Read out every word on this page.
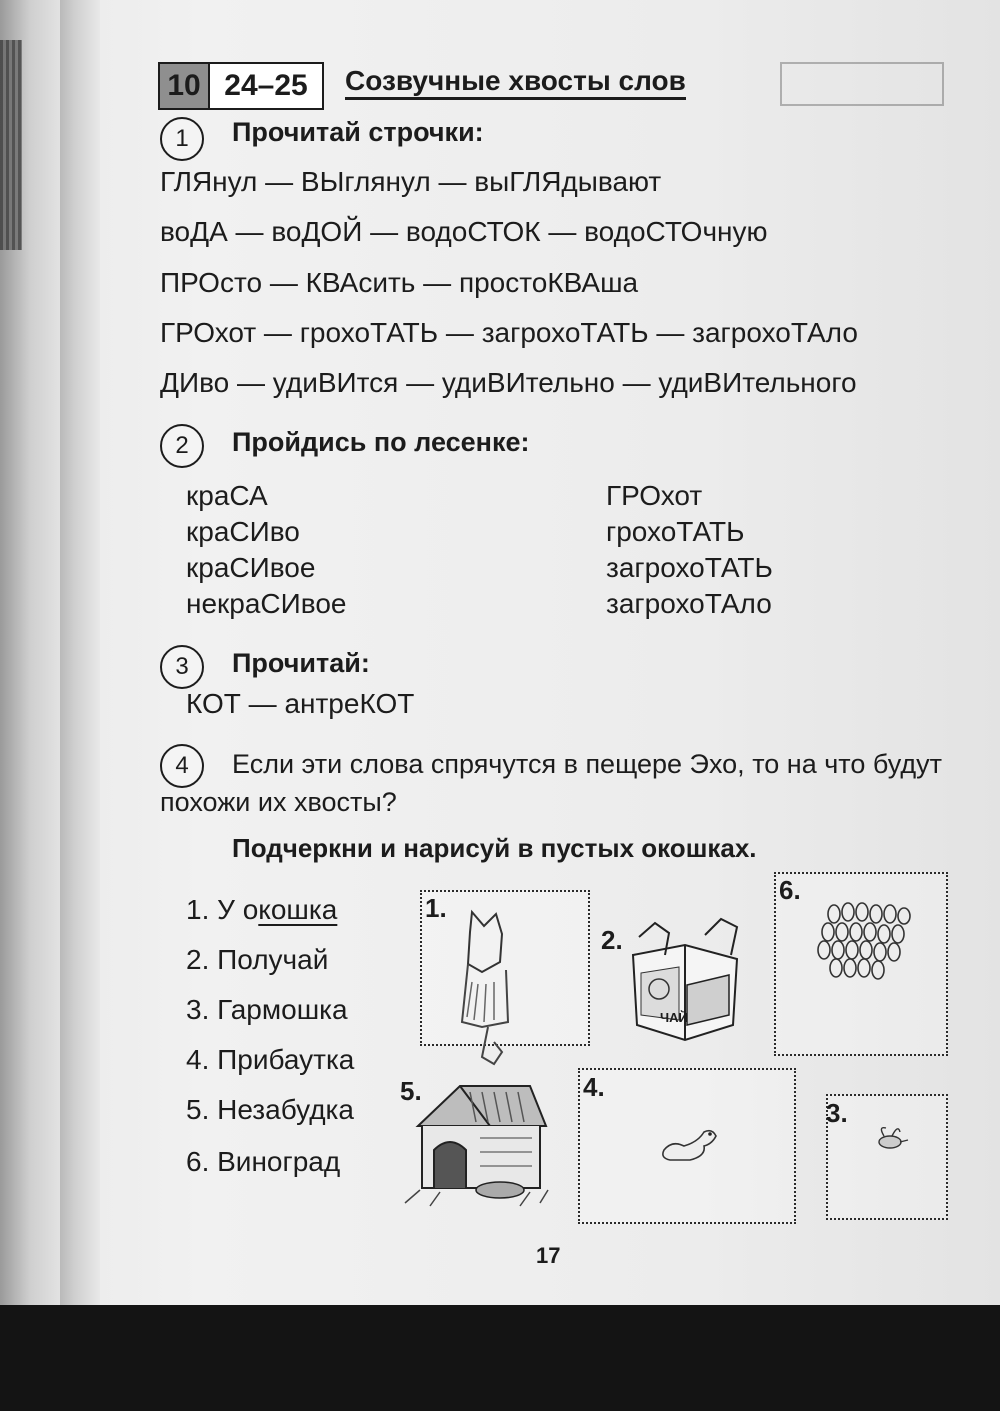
10 24–25	Созвучные хвосты слов
1	Прочитай строчки:
ГЛЯнул — ВЫглянул — выГЛЯдывают
воДА — воДОЙ — водоСТОК — водоСТОчную
ПРОсто — КВАсить — простоКВАша
ГРОхот — грохоТАТЬ — загрохоТАТЬ — загрохоТАло
ДИво — удиВИтся — удиВИтельно — удиВИтельного
2	Пройдись по лесенке:
краСА
краСИво
краСИвое
некраСИвое
ГРОхот
грохоТАТЬ
загрохоТАТЬ
загрохоТАло
3	Прочитай:
КОТ — антреКОТ
4	Если эти слова спрячутся в пещере Эхо, то на что будут похожи их хвосты?
Подчеркни и нарисуй в пустых окошках.
1. У окошка
2. Получай
3. Гармошка
4. Прибаутка
5. Незабудка
6. Виноград
1.
2.
ЧАЙ
6.
5.	4.
3.
17
